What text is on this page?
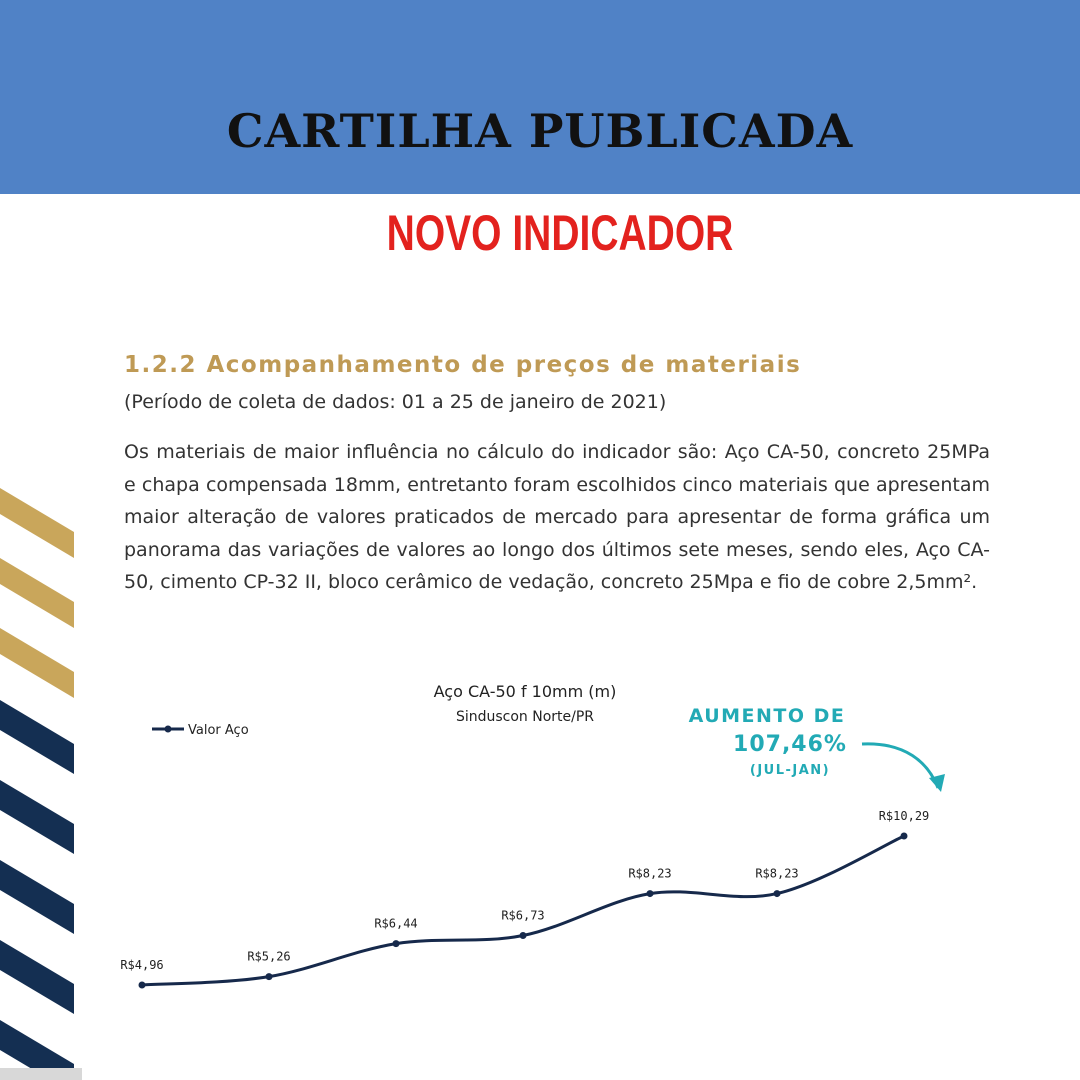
CARTILHA PUBLICADA
NOVO INDICADOR
1.2.2 Acompanhamento de preços de materiais
(Período de coleta de dados: 01 a 25 de janeiro de 2021)

Os materiais de maior influência no cálculo do indicador são: Aço CA-50, concreto 25MPa e chapa compensada 18mm, entretanto foram escolhidos cinco materiais que apresentam maior alteração de valores praticados de mercado para apresentar de forma gráfica um panorama das variações de valores ao longo dos últimos sete meses, sendo eles, Aço CA-50, cimento CP-32 II, bloco cerâmico de vedação, concreto 25Mpa e fio de cobre 2,5mm².

Aço CA-50 f 10mm (m)
Sinduscon Norte/PR
Valor Aço
AUMENTO DE
107,46%
(JUL-JAN)
R$4,96
R$5,26
R$6,44
R$6,73
R$8,23	R$8,23
R$10,29
